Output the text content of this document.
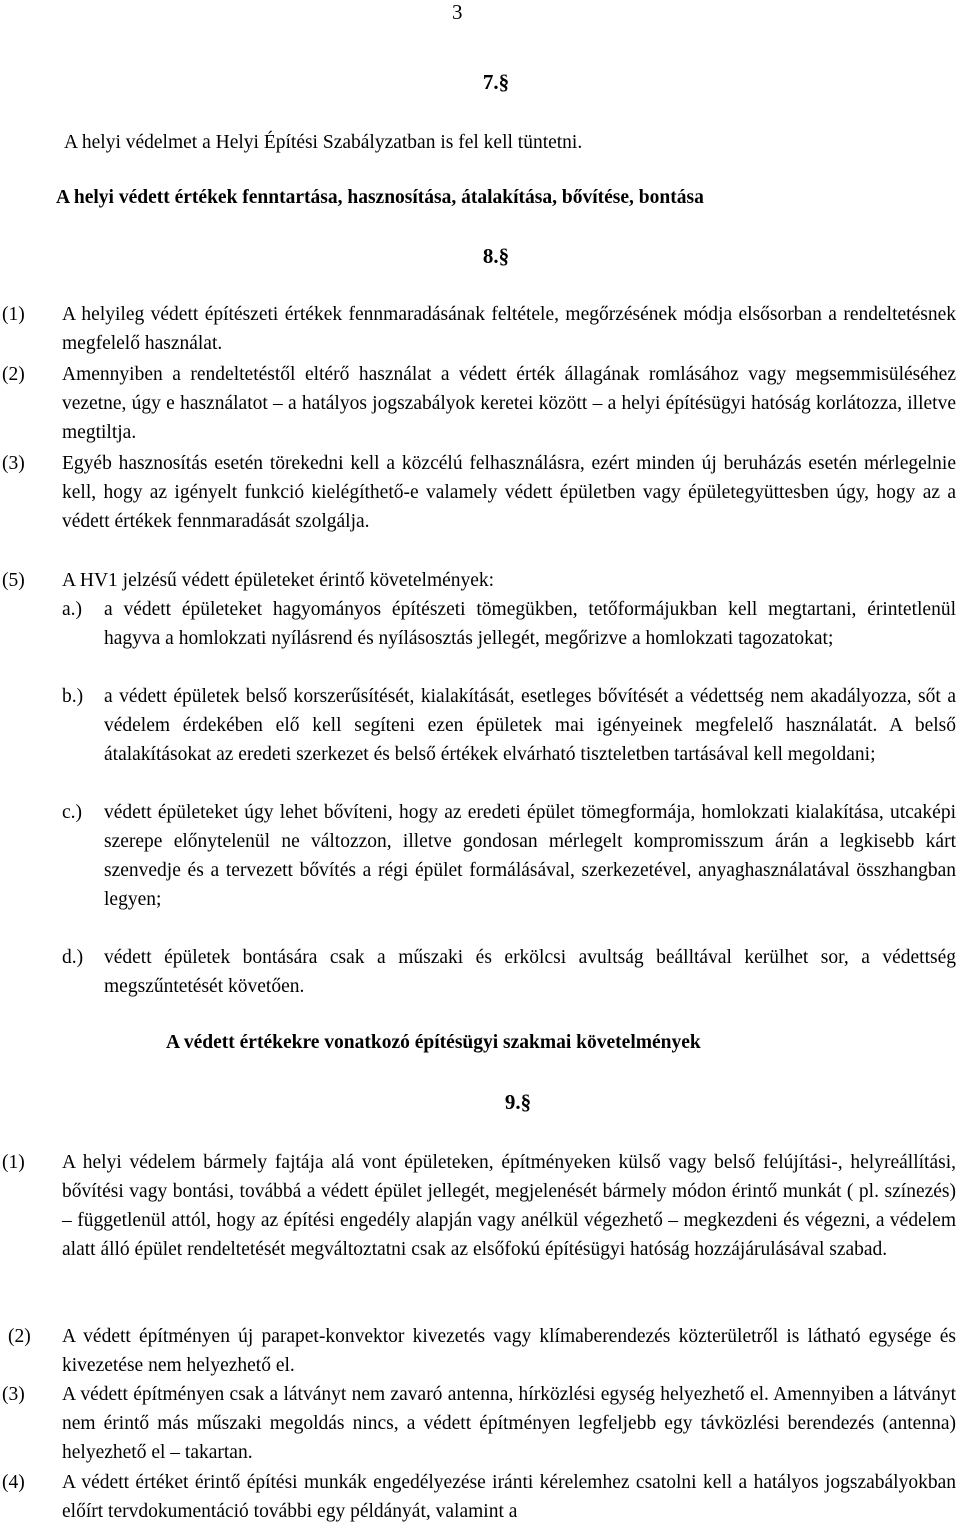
3
7.§
A helyi védelmet a Helyi Építési Szabályzatban is fel kell tüntetni.
A helyi védett értékek fenntartása, hasznosítása, átalakítása, bővítése, bontása
8.§
(1) A helyileg védett építészeti értékek fennmaradásának feltétele, megőrzésének módja elsősorban a rendeltetésnek megfelelő használat.
(2) Amennyiben a rendeltetéstől eltérő használat a védett érték állagának romlásához vagy megsemmisüléséhez vezetne, úgy e használatot – a hatályos jogszabályok keretei között – a helyi építésügyi hatóság korlátozza, illetve megtiltja.
(3) Egyéb hasznosítás esetén törekedni kell a közcélú felhasználásra, ezért minden új beruházás esetén mérlegelnie kell, hogy az igényelt funkció kielégíthető-e valamely védett épületben vagy épületegyüttesben úgy, hogy az a védett értékek fennmaradását szolgálja.
(5) A HV1 jelzésű védett épületeket érintő követelmények:
a.) a védett épületeket hagyományos építészeti tömegükben, tetőformájukban kell megtartani, érintetlenül hagyva a homlokzati nyílásrend és nyílásosztás jellegét, megőrizve a homlokzati tagozatokat;
b.) a védett épületek belső korszerűsítését, kialakítását, esetleges bővítését a védettség nem akadályozza, sőt a védelem érdekében elő kell segíteni ezen épületek mai igényeinek megfelelő használatát. A belső átalakításokat az eredeti szerkezet és belső értékek elvárható tiszteletben tartásával kell megoldani;
c.) védett épületeket úgy lehet bővíteni, hogy az eredeti épület tömegformája, homlokzati kialakítása, utcaképi szerepe előnytelenül ne változzon, illetve gondosan mérlegelt kompromisszum árán a legkisebb kárt szenvedje és a tervezett bővítés a régi épület formálásával, szerkezetével, anyaghasználatával összhangban legyen;
d.) védett épületek bontására csak a műszaki és erkölcsi avultság beálltával kerülhet sor, a védettség megszűntetését követően.
A védett értékekre vonatkozó építésügyi szakmai követelmények
9.§
(1) A helyi védelem bármely fajtája alá vont épületeken, építményeken külső vagy belső felújítási-, helyreállítási, bővítési vagy bontási, továbbá a védett épület jellegét, megjelenését bármely módon érintő munkát ( pl. színezés) – függetlenül attól, hogy az építési engedély alapján vagy anélkül végezhető – megkezdeni és végezni, a védelem alatt álló épület rendeltetését megváltoztatni csak az elsőfokú építésügyi hatóság hozzájárulásával szabad.
(2) A védett építményen új parapet-konvektor kivezetés vagy klímaberendezés közterületről is látható egysége és kivezetése nem helyezhető el.
(3) A védett építményen csak a látványt nem zavaró antenna, hírközlési egység helyezhető el. Amennyiben a látványt nem érintő más műszaki megoldás nincs, a védett építményen legfeljebb egy távközlési berendezés (antenna) helyezhető el – takartan.
(4) A védett értéket érintő építési munkák engedélyezése iránti kérelemhez csatolni kell a hatályos jogszabályokban előírt tervdokumentáció további egy példányát, valamint a
